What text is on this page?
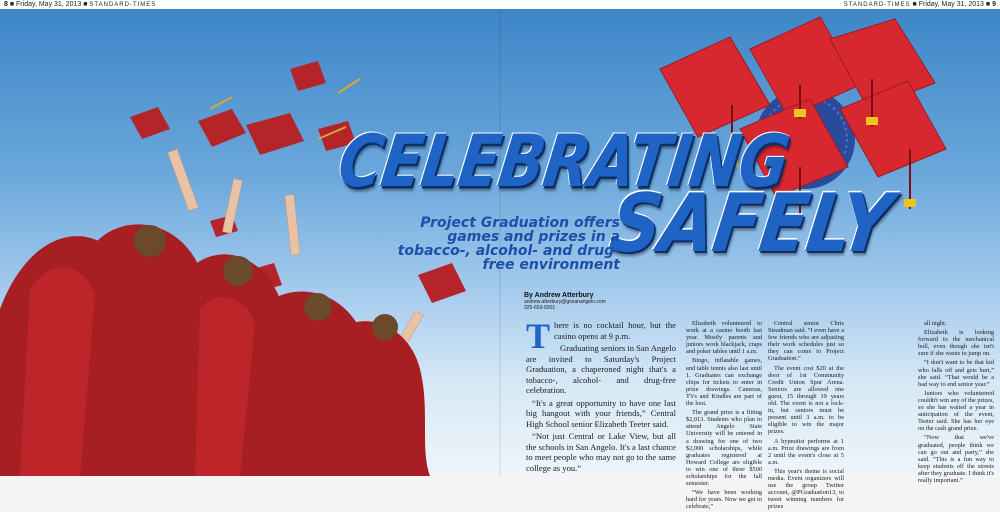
8 ■ Friday, May 31, 2013 ■ STANDARD-TIMES	STANDARD-TIMES ■ Friday, May 31, 2013 ■ 9
CELEBRATING
SAFELY
Project Graduation offers games and prizes in a tobacco-, alcohol- and drug-free environment
By Andrew Atterbury
andrew.atterbury@gosanangelo.com
325-659-8301
T here is no cocktail hour, but the casino opens at 9 p.m.

Graduating seniors in San Angelo are invited to Saturday's Project Graduation, a chaperoned night that's a tobacco-, alcohol- and drug-free celebration.

“It's a great opportunity to have one last big hangout with your friends,” Central High School senior Elizabeth Teeter said.

“Not just Central or Lake View, but all the schools in San Angelo. It's a last chance to meet people who may not go to the same college as you.”

Elizabeth volunteered to work at a casino booth last year. Mostly parents and juniors work blackjack, craps and poker tables until 1 a.m.

Bingo, inflatable games, and table tennis also last until 1. Graduates can exchange chips for tickets to enter in prize drawings. Cameras, TVs and Kindles are part of the loot.

The grand prize is a fitting $2,013. Students who plan to attend Angelo State University will be entered in a drawing for one of two $2,000 scholarships, while graduates registered at Howard College are eligible to win one of three $500 scholarships for the fall semester.

“We have been working hard for years. Now we get to celebrate,”

Central senior Chris Steadman said. “I even have a few friends who are adjusting their work schedules just so they can come to Project Graduation.”

The event cost $20 at the door of 1st Community Credit Union Spur Arena. Seniors are allowed one guest, 15 through 19 years old. The event is not a lock-in, but seniors must be present until 3 a.m. to be eligible to win the major prizes.

A hypnotist performs at 1 a.m. Prize drawings are from 2 until the event's close at 5 a.m.

This year's theme is social media. Event organizers will use the group Twitter account, @PGraduation13, to tweet winning numbers for prizes

all night.

Elizabeth is looking forward to the mechanical bull, even though she isn't sure if she wants to jump on.

“I don't want to be that kid who falls off and gets hurt,” she said. “That would be a bad way to end senior year.”

Juniors who volunteered couldn't win any of the prizes, so she has waited a year in anticipation of the event, Teeter said. She has her eye on the cash grand prize.

“Now that we've graduated, people think we can go out and party,” she said. “This is a fun way to keep students off the streets after they graduate. I think it's really important.”
